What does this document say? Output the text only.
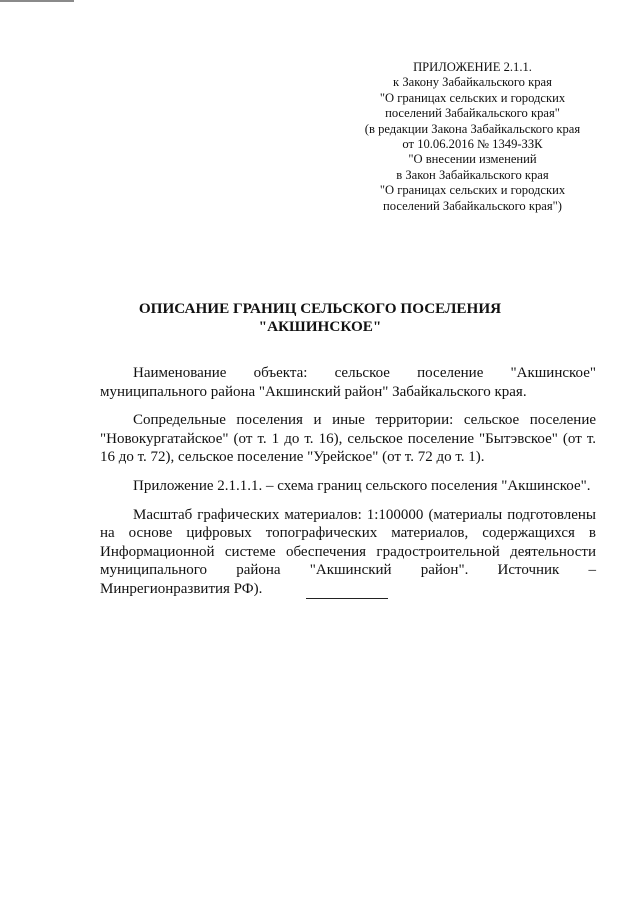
ПРИЛОЖЕНИЕ 2.1.1.
к Закону Забайкальского края
"О границах сельских и городских
поселений Забайкальского края"
(в редакции Закона Забайкальского края
от 10.06.2016 № 1349-ЗЗК
"О внесении изменений
в Закон Забайкальского края
"О границах сельских и городских
поселений Забайкальского края")
ОПИСАНИЕ ГРАНИЦ СЕЛЬСКОГО ПОСЕЛЕНИЯ
"АКШИНСКОЕ"

Наименование объекта: сельское поселение "Акшинское" муниципального района "Акшинский район" Забайкальского края.

Сопредельные поселения и иные территории: сельское поселение "Новокургатайское" (от т. 1 до т. 16), сельское поселение "Бытэвское" (от т. 16 до т. 72), сельское поселение "Урейское" (от т. 72 до т. 1).

Приложение 2.1.1.1. – схема границ сельского поселения "Акшинское".

Масштаб графических материалов: 1:100000 (материалы подготовлены на основе цифровых топографических материалов, содержащихся в Информационной системе обеспечения градостроительной деятельности муниципального района "Акшинский район". Источник – Минрегионразвития РФ).
